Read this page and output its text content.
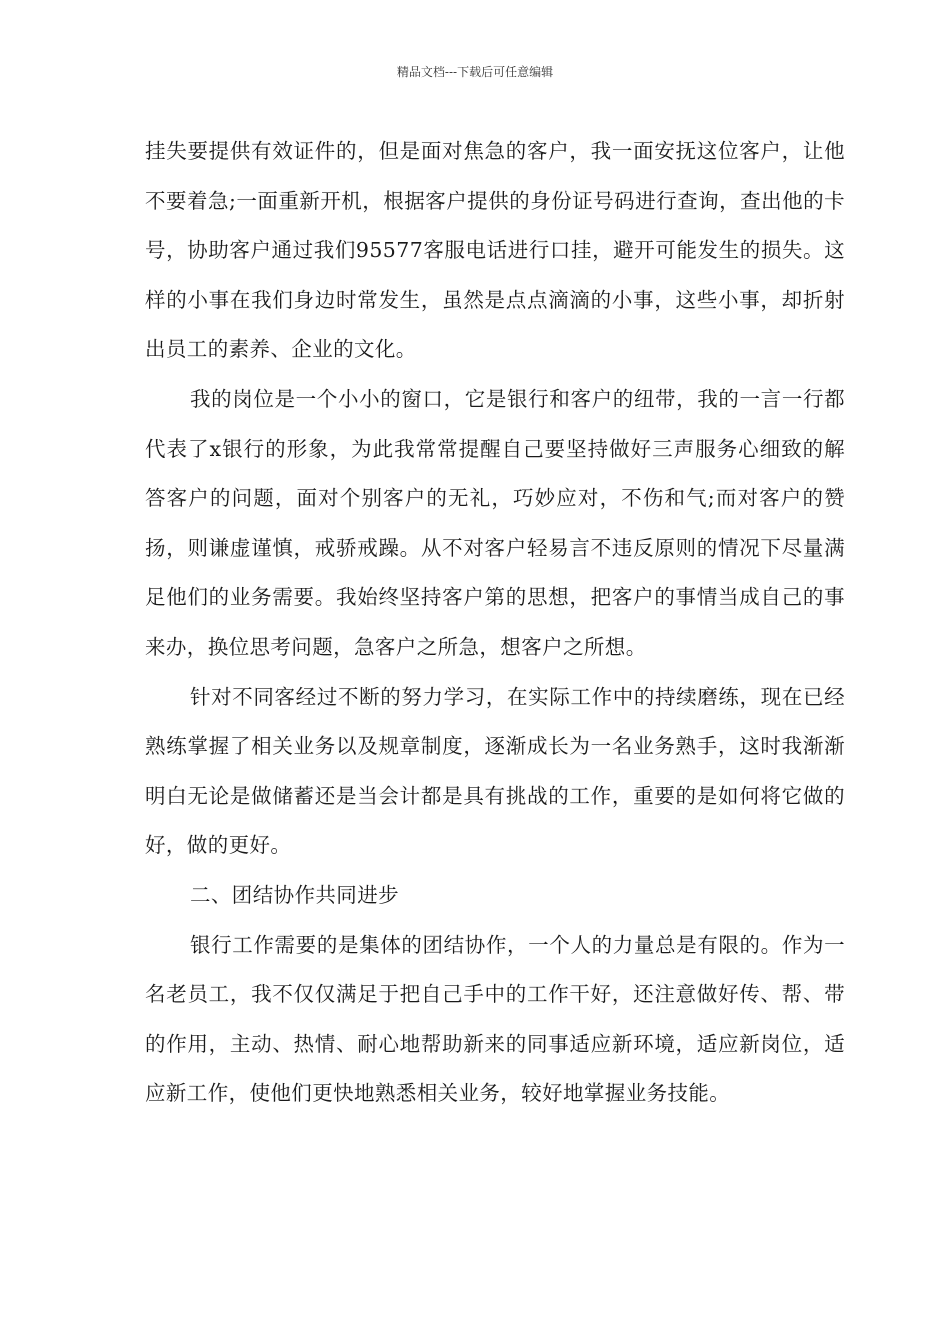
精品文档---下载后可任意编辑

挂失要提供有效证件的，但是面对焦急的客户，我一面安抚这位客户，让他不要着急;一面重新开机，根据客户提供的身份证号码进行查询，查出他的卡号，协助客户通过我们95577客服电话进行口挂，避开可能发生的损失。这样的小事在我们身边时常发生，虽然是点点滴滴的小事，这些小事，却折射出员工的素养、企业的文化。

我的岗位是一个小小的窗口，它是银行和客户的纽带，我的一言一行都代表了x银行的形象，为此我常常提醒自己要坚持做好三声服务心细致的解答客户的问题，面对个别客户的无礼，巧妙应对，不伤和气;而对客户的赞扬，则谦虚谨慎，戒骄戒躁。从不对客户轻易言不违反原则的情况下尽量满足他们的业务需要。我始终坚持客户第的思想，把客户的事情当成自己的事来办，换位思考问题，急客户之所急，想客户之所想。

针对不同客经过不断的努力学习，在实际工作中的持续磨练，现在已经熟练掌握了相关业务以及规章制度，逐渐成长为一名业务熟手，这时我渐渐明白无论是做储蓄还是当会计都是具有挑战的工作，重要的是如何将它做的好，做的更好。

二、团结协作共同进步

银行工作需要的是集体的团结协作，一个人的力量总是有限的。作为一名老员工，我不仅仅满足于把自己手中的工作干好，还注意做好传、帮、带的作用，主动、热情、耐心地帮助新来的同事适应新环境，适应新岗位，适应新工作，使他们更快地熟悉相关业务，较好地掌握业务技能。
